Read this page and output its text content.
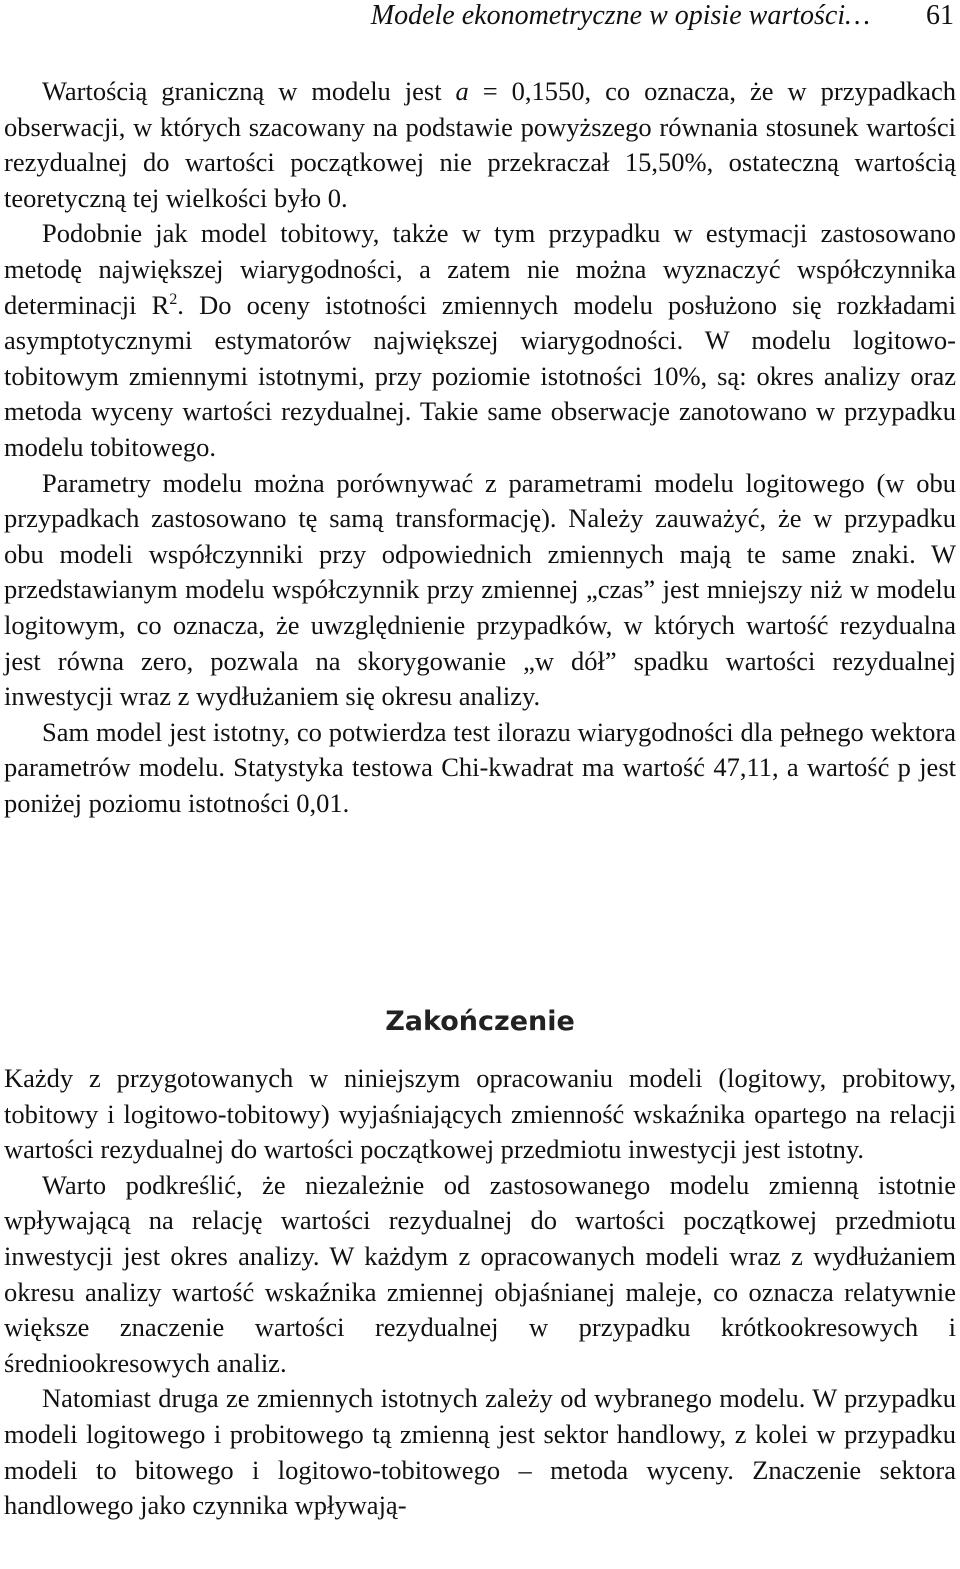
Modele ekonometryczne w opisie wartości… 61

Wartością graniczną w modelu jest a = 0,1550, co oznacza, że w przypadkach obserwacji, w których szacowany na podstawie powyższego równania stosunek wartości rezydualnej do wartości początkowej nie przekraczał 15,50%, ostateczną wartością teoretyczną tej wielkości było 0.

Podobnie jak model tobitowy, także w tym przypadku w estymacji zastosowano metodę największej wiarygodności, a zatem nie można wyznaczyć współczynnika determinacji $R^2$. Do oceny istotności zmiennych modelu posłużono się rozkładami asymptotycznymi estymatorów największej wiarygodności. W modelu logitowo-tobitowym zmiennymi istotnymi, przy poziomie istotności 10%, są: okres analizy oraz metoda wyceny wartości rezydualnej. Takie same obserwacje zanotowano w przypadku modelu tobitowego.

Parametry modelu można porównywać z parametrami modelu logitowego (w obu przypadkach zastosowano tę samą transformację). Należy zauważyć, że w przypadku obu modeli współczynniki przy odpowiednich zmiennych mają te same znaki. W przedstawianym modelu współczynnik przy zmiennej „czas” jest mniejszy niż w modelu logitowym, co oznacza, że uwzględnienie przypadków, w których wartość rezydualna jest równa zero, pozwala na skorygowanie „w dół” spadku wartości rezydualnej inwestycji wraz z wydłużaniem się okresu analizy.

Sam model jest istotny, co potwierdza test ilorazu wiarygodności dla pełnego wektora parametrów modelu. Statystyka testowa Chi-kwadrat ma wartość 47,11, a wartość p jest poniżej poziomu istotności 0,01.

Zakończenie

Każdy z przygotowanych w niniejszym opracowaniu modeli (logitowy, probitowy, tobitowy i logitowo-tobitowy) wyjaśniających zmienność wskaźnika opartego na relacji wartości rezydualnej do wartości początkowej przedmiotu inwestycji jest istotny.

Warto podkreślić, że niezależnie od zastosowanego modelu zmienną istotnie wpływającą na relację wartości rezydualnej do wartości początkowej przedmiotu inwestycji jest okres analizy. W każdym z opracowanych modeli wraz z wydłużaniem okresu analizy wartość wskaźnika zmiennej objaśnianej maleje, co oznacza relatywnie większe znaczenie wartości rezydualnej w przypadku krótkookresowych i średniookresowych analiz.

Natomiast druga ze zmiennych istotnych zależy od wybranego modelu. W przypadku modeli logitowego i probitowego tą zmienną jest sektor handlowy, z kolei w przypadku modeli to bitowego i logitowo-tobitowego – metoda wyceny. Znaczenie sektora handlowego jako czynnika wpływają-
